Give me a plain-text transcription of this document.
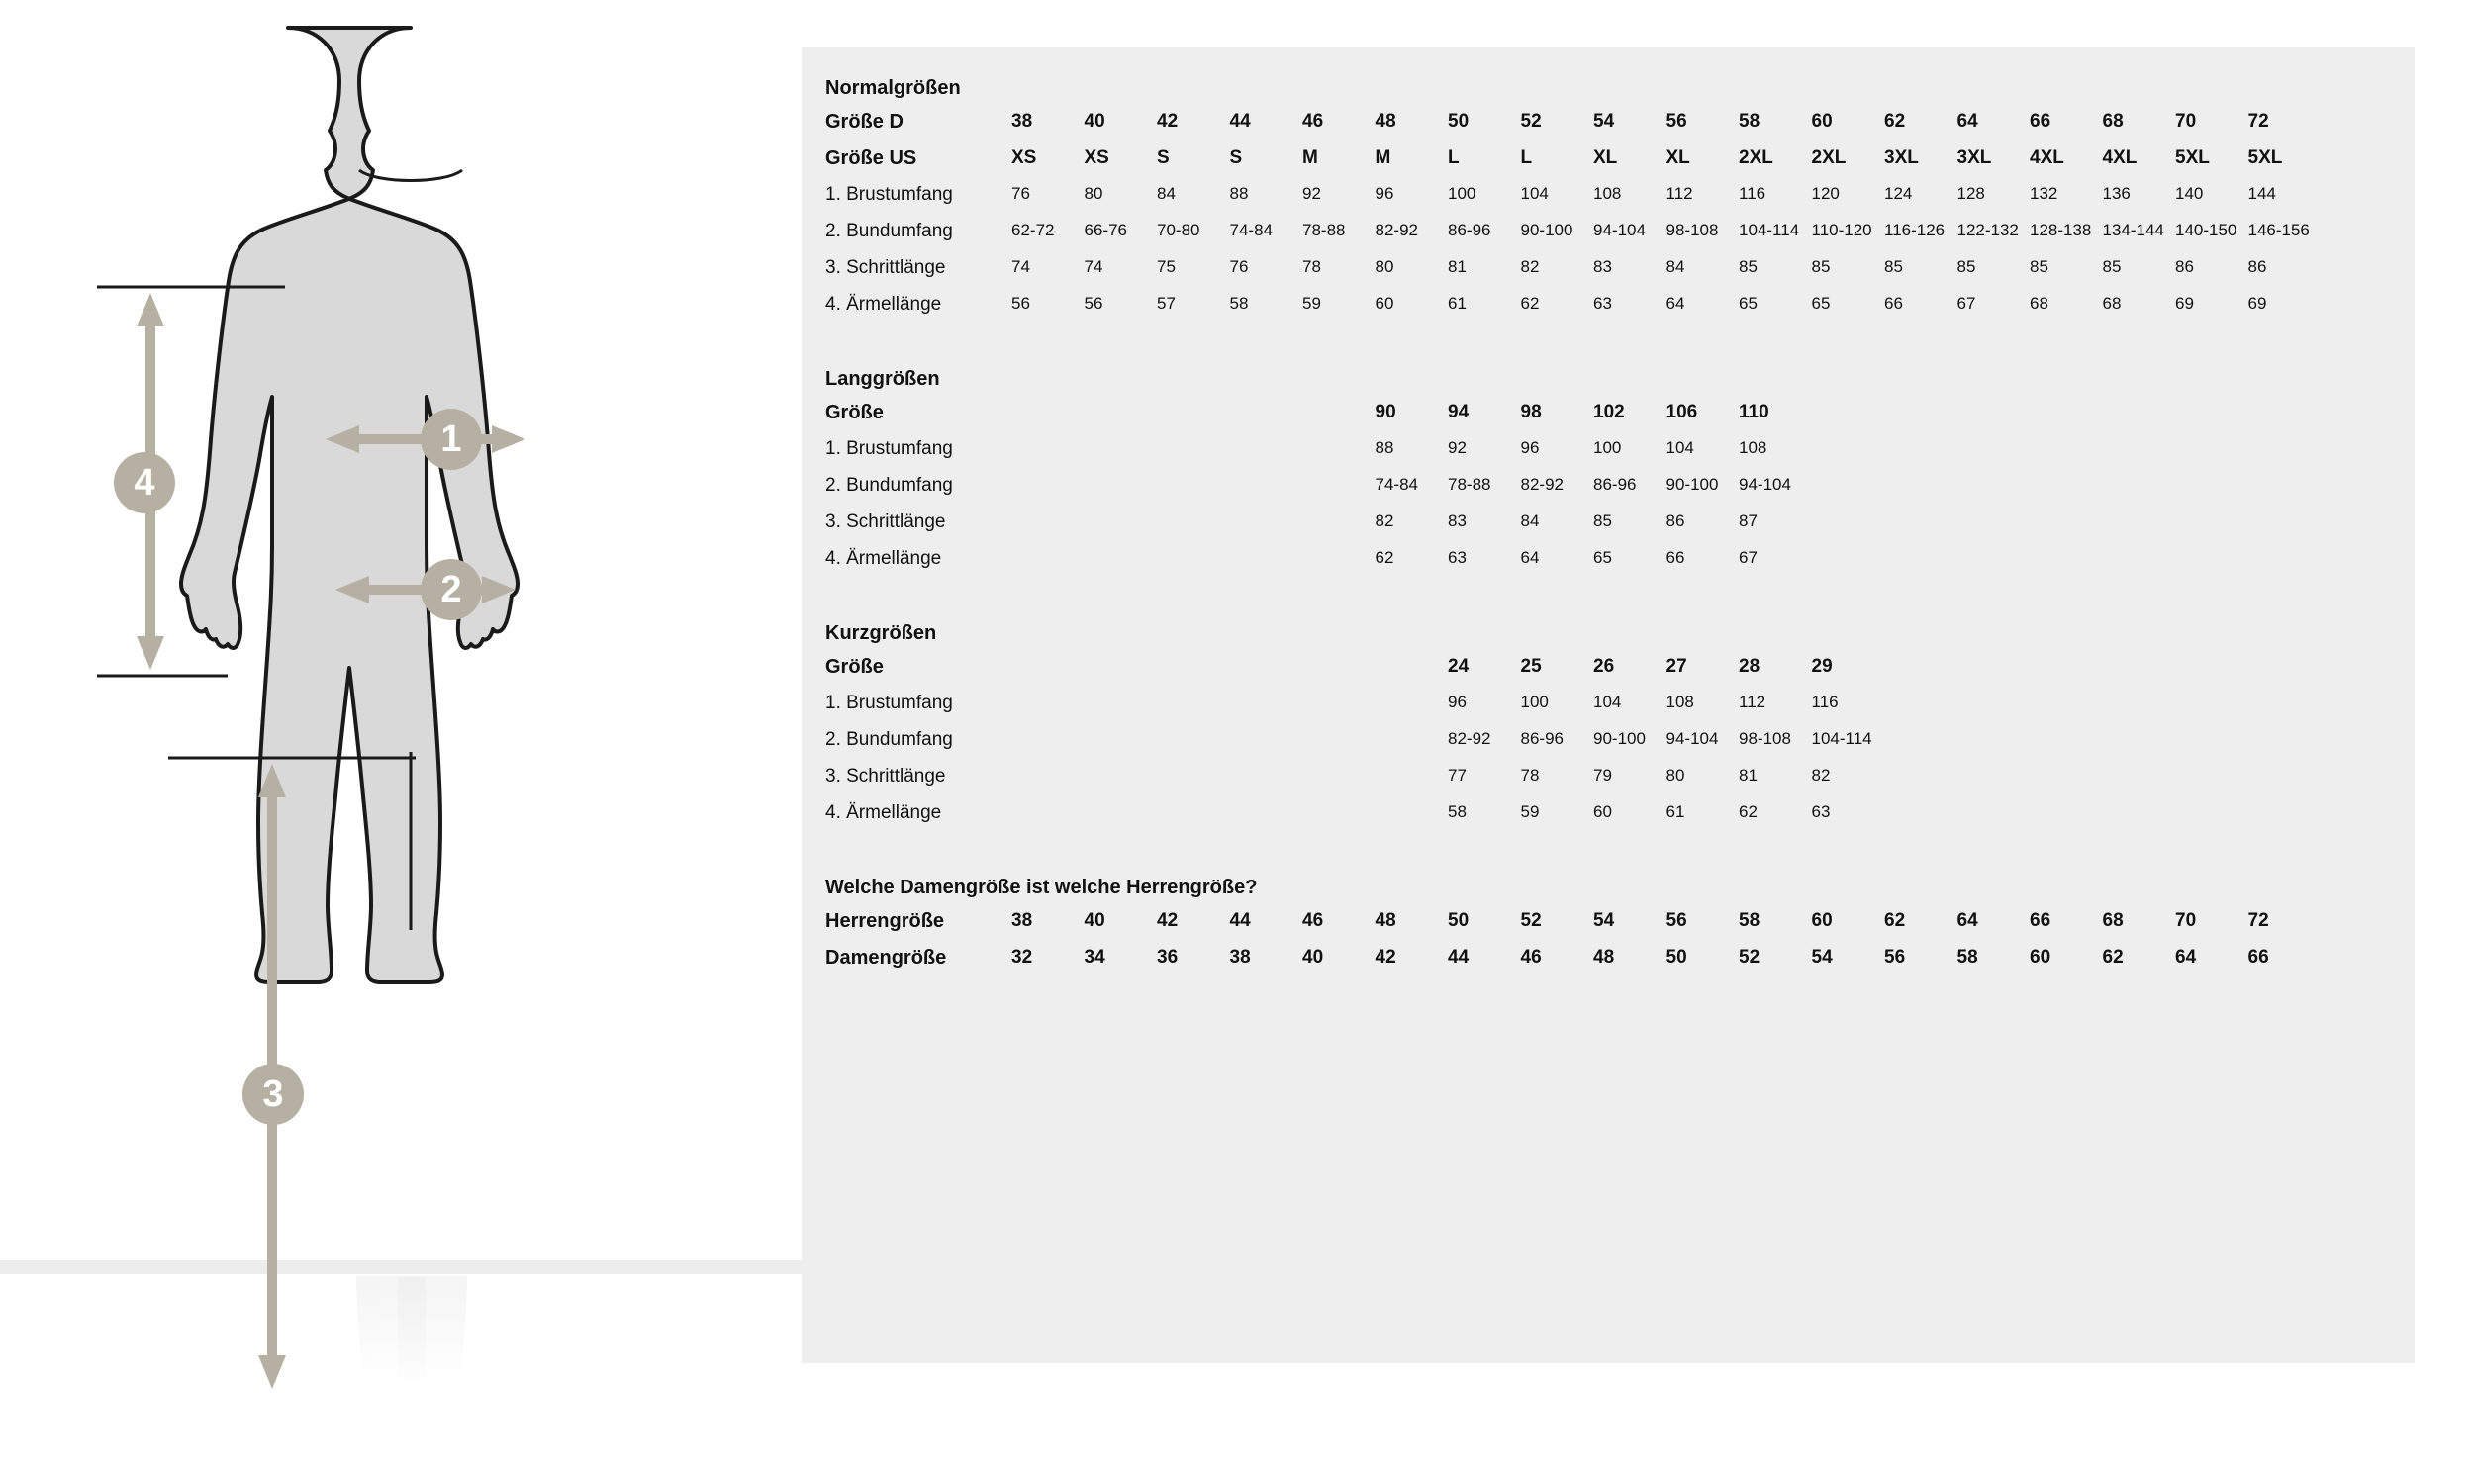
1
2
3
4
Normalgrößen
Größe D	38	40	42	44	46	48	50	52	54	56	58	60	62	64	66	68	70	72
Größe US	XS	XS	S	S	M	M	L	L	XL	XL	2XL 2XL 3XL 3XL 4XL 4XL 5XL 5XL
1. Brustumfang	76	80	84	88	92	96	100	104	108	112	116	120	124	128	132	136	140	144
2. Bundumfang	62-72 66-76 70-80 74-84 78-88 82-92 86-96 90-100 94-104 98-108 104-114 110-120 116-126 122-132 128-138 134-144 140-150 146-156
3. Schrittlänge	74	74	75	76	78	80	81	82	83	84	85	85	85	85	85	85	86	86
4. Ärmellänge	56	56	57	58	59	60	61	62	63	64	65	65	66	67	68	68	69	69
Langgrößen
Größe	90	94	98	102 106 110
1. Brustumfang	88	92	96	100	104	108
2. Bundumfang	74-84 78-88 82-92 86-96 90-100 94-104
3. Schrittlänge	82	83	84	85	86	87
4. Ärmellänge	62	63	64	65	66	67
Kurzgrößen
Größe	24	25	26	27	28	29
1. Brustumfang	96	100	104	108	112	116
2. Bundumfang	82-92 86-96 90-100 94-104 98-108 104-114
3. Schrittlänge	77	78	79	80	81	82
4. Ärmellänge	58	59	60	61	62	63
Welche Damengröße ist welche Herrengröße?
Herrengröße	38	40	42	44	46	48	50	52	54	56	58	60	62	64	66	68	70	72
Damengröße	32	34	36	38	40	42	44	46	48	50	52	54	56	58	60	62	64	66
